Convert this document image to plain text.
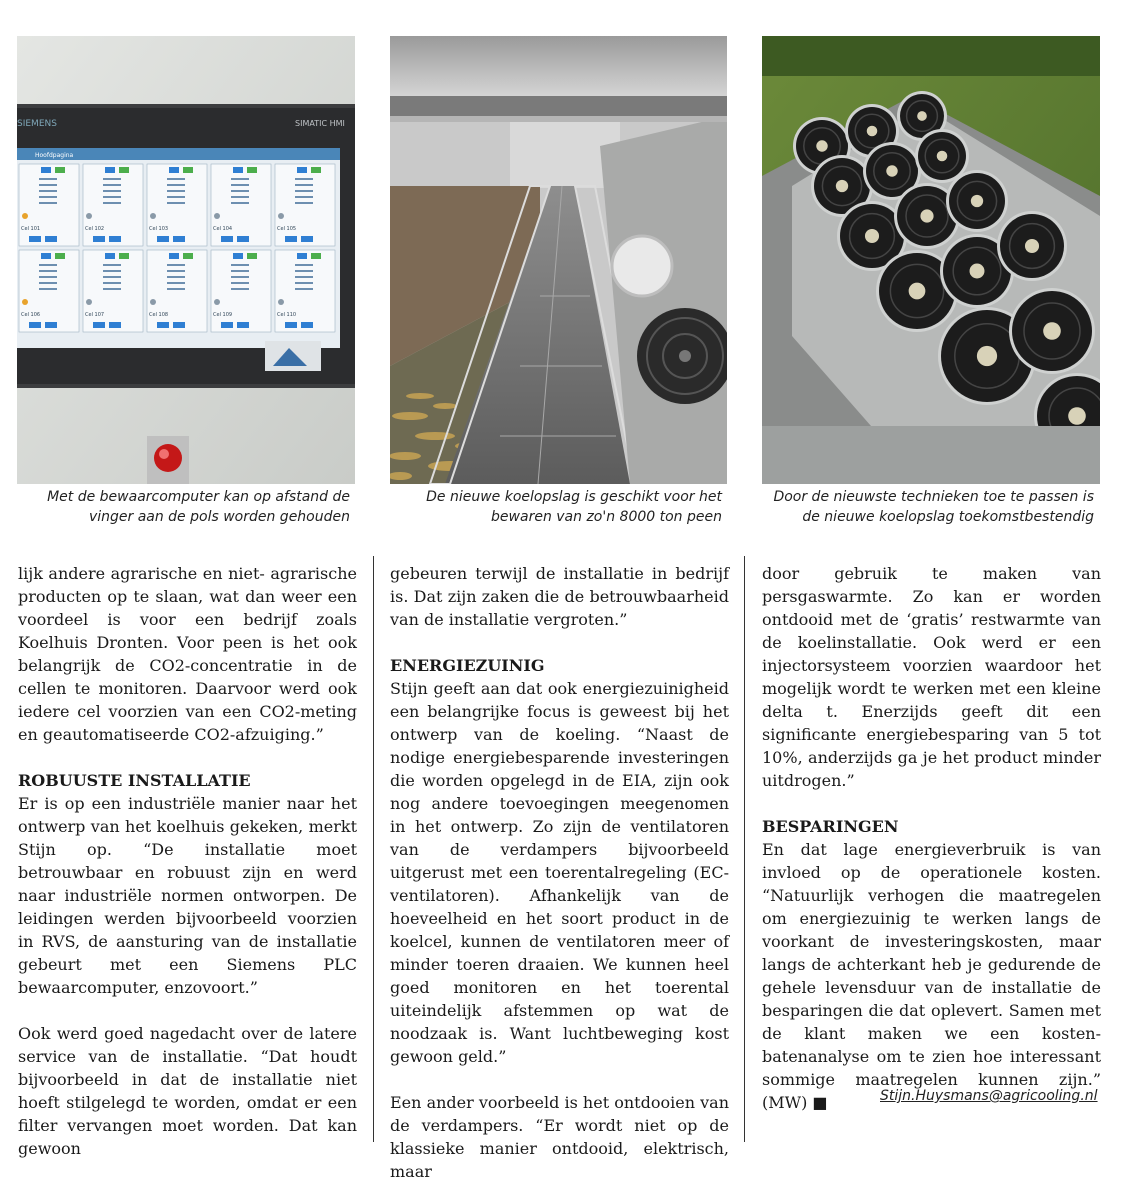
SIEMENS	SIMATIC HMI
Hoofdpagina
Cel 101	Cel 102	Cel 103	Cel 104	Cel 105
Cel 106	Cel 107	Cel 108	Cel 109	Cel 110
Met de bewaarcomputer kan op afstand de vinger aan de pols worden gehouden
De nieuwe koelopslag is geschikt voor het bewaren van zo'n 8000 ton peen
Door de nieuwste technieken toe te passen is de nieuwe koelopslag toekomstbestendig

lijk andere agrarische en niet- agrarische producten op te slaan, wat dan weer een voordeel is voor een bedrijf zoals Koelhuis Dronten. Voor peen is het ook belangrijk de CO2-concentratie in de cellen te monitoren. Daarvoor werd ook iedere cel voorzien van een CO2-meting en geautomatiseerde CO2-afzuiging.”

ROBUUSTE INSTALLATIE

Er is op een industriële manier naar het ontwerp van het koelhuis gekeken, merkt Stijn op. “De installatie moet betrouwbaar en robuust zijn en werd naar industriële normen ontworpen. De leidingen werden bijvoorbeeld voorzien in RVS, de aansturing van de installatie gebeurt met een Siemens PLC bewaarcomputer, enzovoort.”

Ook werd goed nagedacht over de latere service van de installatie. “Dat houdt bijvoorbeeld in dat de installatie niet hoeft stilgelegd te worden, omdat er een filter vervangen moet worden. Dat kan gewoon

gebeuren terwijl de installatie in bedrijf is. Dat zijn zaken die de betrouwbaarheid van de installatie vergroten.”

ENERGIEZUINIG

Stijn geeft aan dat ook energiezuinigheid een belangrijke focus is geweest bij het ontwerp van de koeling. “Naast de nodige energiebesparende investeringen die worden opgelegd in de EIA, zijn ook nog andere toevoegingen meegenomen in het ontwerp. Zo zijn de ventilatoren van de verdampers bijvoorbeeld uitgerust met een toerentalregeling (EC-ventilatoren). Afhankelijk van de hoeveelheid en het soort product in de koelcel, kunnen de ventilatoren meer of minder toeren draaien. We kunnen heel goed monitoren en het toerental uiteindelijk afstemmen op wat de noodzaak is. Want luchtbeweging kost gewoon geld.”

Een ander voorbeeld is het ontdooien van de verdampers. “Er wordt niet op de klassieke manier ontdooid, elektrisch, maar

door gebruik te maken van persgaswarmte. Zo kan er worden ontdooid met de ‘gratis’ restwarmte van de koelinstallatie. Ook werd er een injectorsysteem voorzien waardoor het mogelijk wordt te werken met een kleine delta t. Enerzijds geeft dit een significante energiebesparing van 5 tot 10%, anderzijds ga je het product minder uitdrogen.”

BESPARINGEN

En dat lage energieverbruik is van invloed op de operationele kosten. “Natuurlijk verhogen die maatregelen om energiezuinig te werken langs de voorkant de investeringskosten, maar langs de achterkant heb je gedurende de gehele levensduur van de installatie de besparingen die dat oplevert. Samen met de klant maken we een kosten-batenanalyse om te zien hoe interessant sommige maatregelen kunnen zijn.” (MW) ■	Stijn.Huysmans@agricooling.nl
